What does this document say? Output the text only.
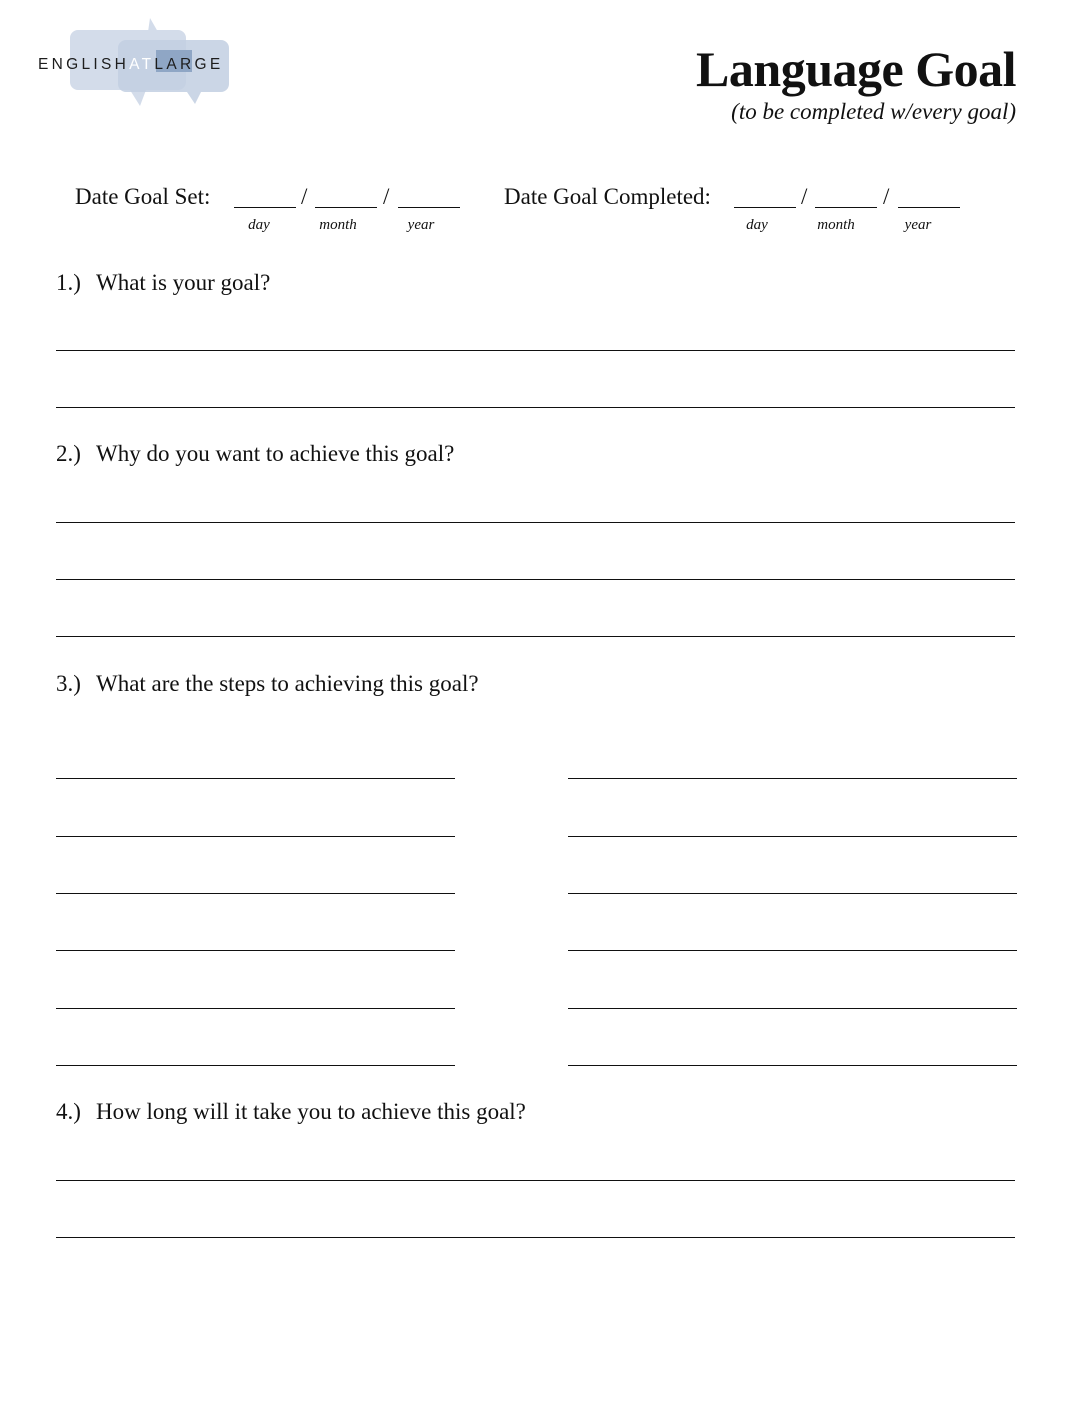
ENGLISHATLARGE	Language Goal
(to be completed w/every goal)
Date Goal Set:	/	/
day	month	year
Date Goal Completed:	/	/
day	month	year
1.) What is your goal?
2.) Why do you want to achieve this goal?
3.) What are the steps to achieving this goal?
4.) How long will it take you to achieve this goal?
